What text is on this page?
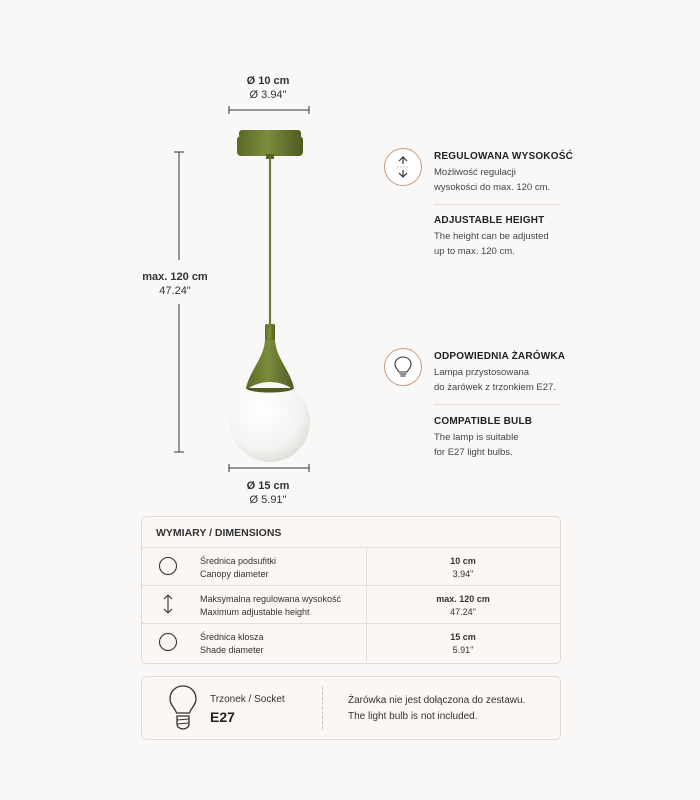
Ø 10 cm
Ø 3.94"
max. 120 cm
47.24"
Ø 15 cm
Ø 5.91"
REGULOWANA WYSOKOŚĆ
Możliwość regulacji
wysokości do max. 120 cm.
ADJUSTABLE HEIGHT
The height can be adjusted
up to max. 120 cm.
ODPOWIEDNIA ŻARÓWKA
Lampa przystosowana
do żarówek z trzonkiem E27.
COMPATIBLE BULB
The lamp is suitable
for E27 light bulbs.
WYMIARY / DIMENSIONS
Średnica podsufitki
Canopy diameter
10 cm
3.94"
Maksymalna regulowana wysokość
Maximum adjustable height
max. 120 cm
47.24"
Średnica klosza
Shade diameter
15 cm
5.91"
Trzonek / Socket
E27
Żarówka nie jest dołączona do zestawu.
The light bulb is not included.
